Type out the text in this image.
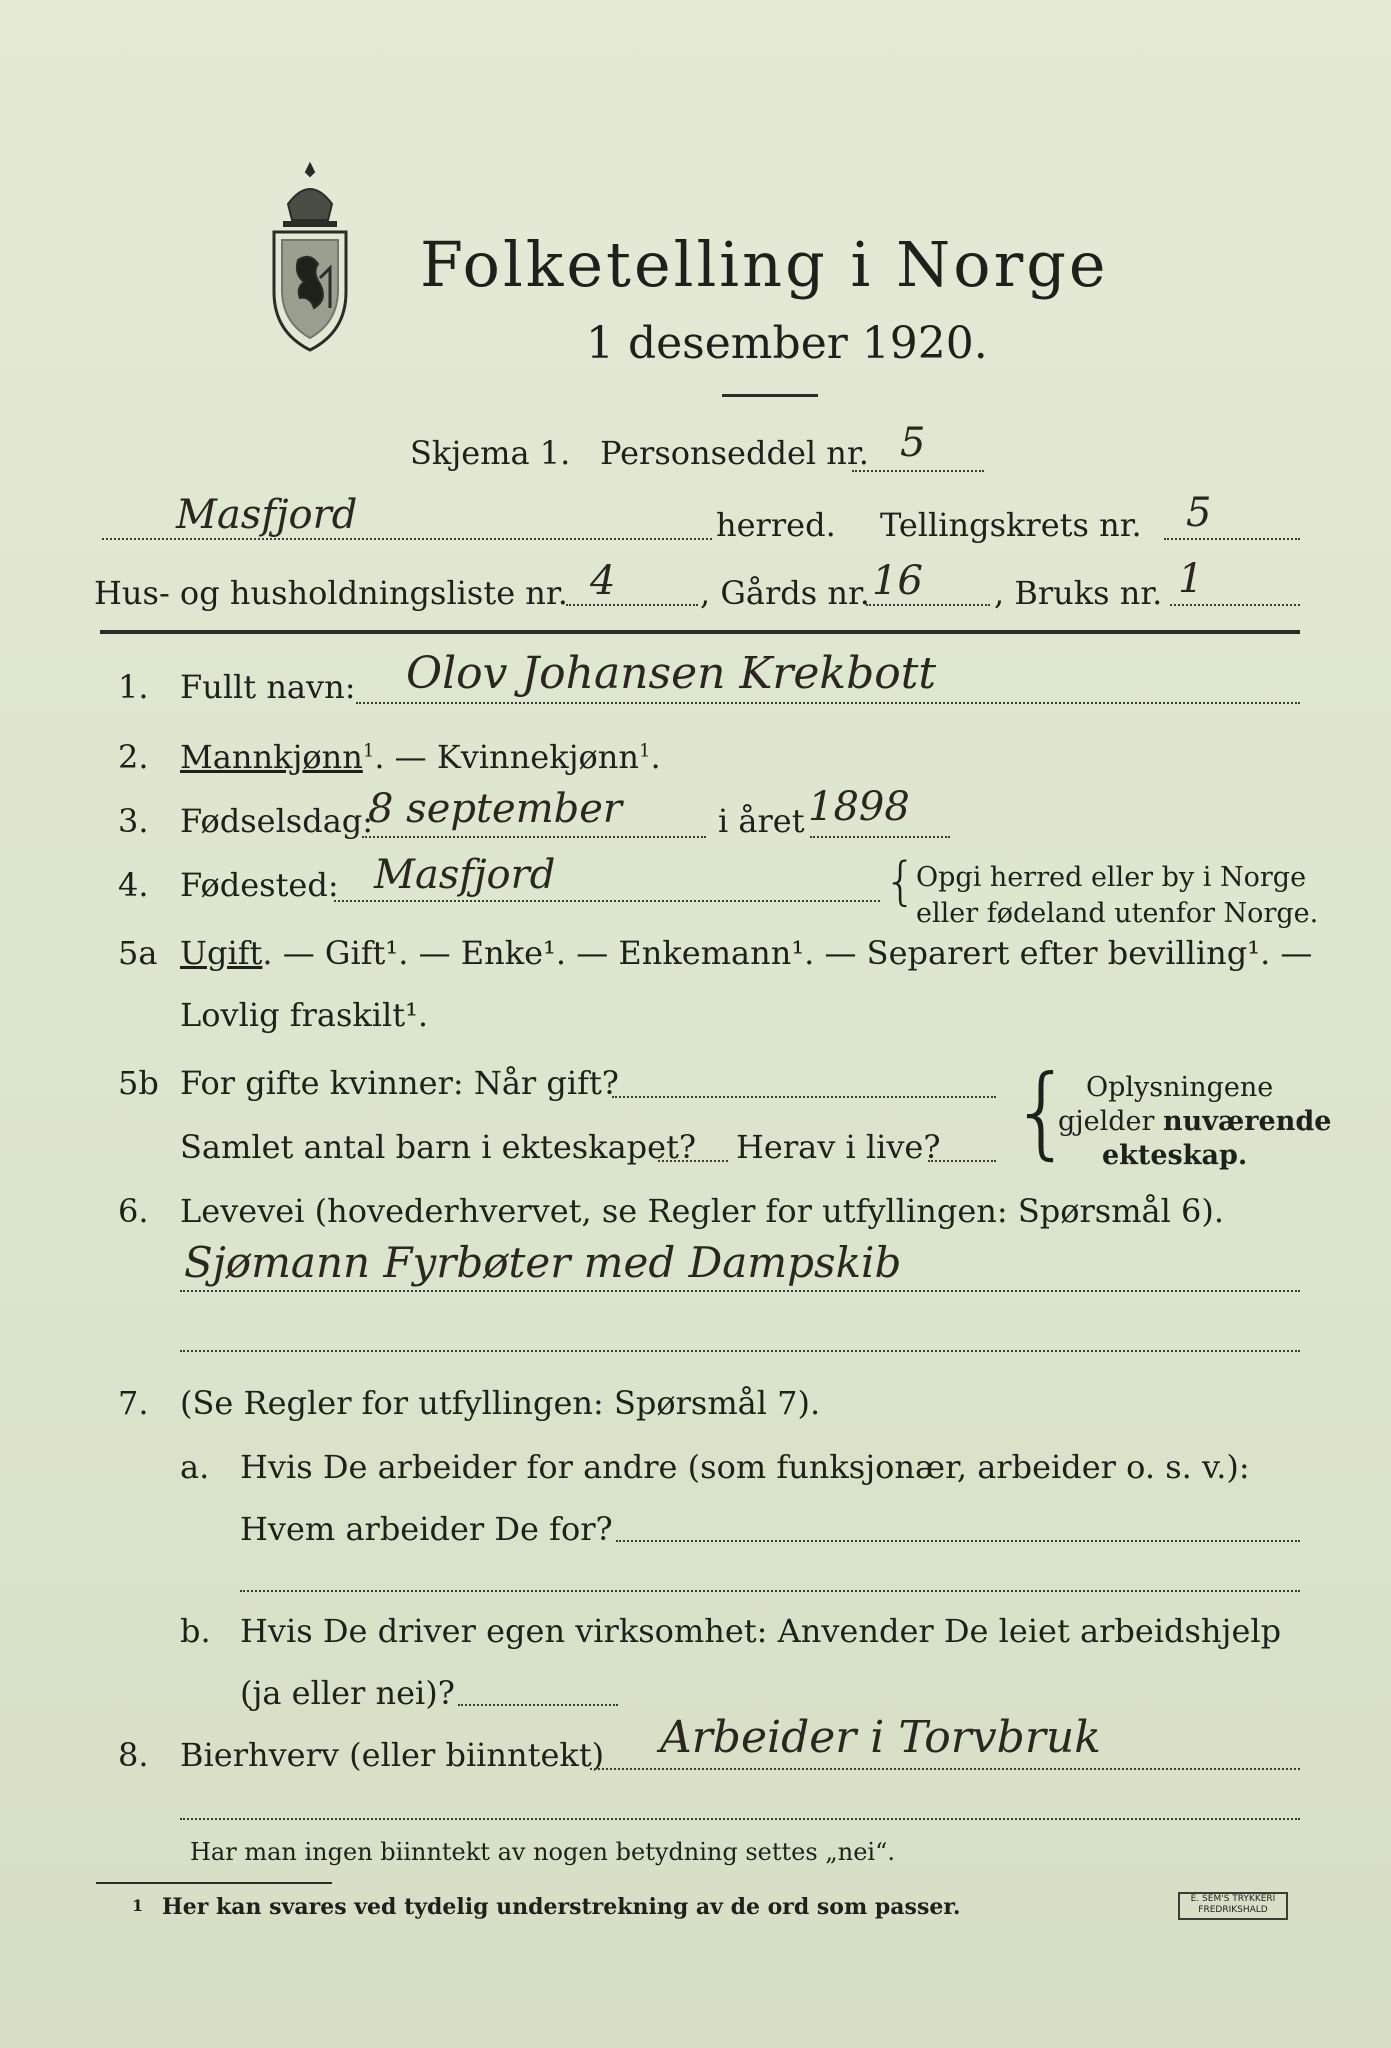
Folketelling i Norge
1 desember 1920.
Skjema 1. Personseddel nr. 5
Masfjord	herred. Tellingskrets nr. 5
Hus- og husholdningsliste nr. 4	, Gårds nr. 16 , Bruks nr. 1
1. Fullt navn: Olov Johansen Krekbott
2. Mannkjønn$^1$. — Kvinnekjønn$^1$.
3. Fødselsdag:
8 september	i året 1898
4. Fødested: Masfjord	{
Opgi herred eller by i Norge
eller fødeland utenfor Norge.
5a Ugift. — Gift¹. — Enke¹. — Enkemann¹. — Separert efter bevilling¹. —
Lovlig fraskilt¹.
5b For gifte kvinner: Når gift?
Samlet antal barn i ekteskapet? Herav i live? { Oplysningene
gjelder nuværende
ekteskap.
6. Levevei (hovederhvervet, se Regler for utfyllingen: Spørsmål 6).
Sjømann Fyrbøter med Dampskib
7. (Se Regler for utfyllingen: Spørsmål 7).
a. Hvis De arbeider for andre (som funksjonær, arbeider o. s. v.):
Hvem arbeider De for?
b. Hvis De driver egen virksomhet: Anvender De leiet arbeidshjelp
(ja eller nei)?
8. Bierhverv (eller biinntekt) Arbeider i Torvbruk
Har man ingen biinntekt av nogen betydning settes „nei“.
1 Her kan svares ved tydelig understrekning av de ord som passer.	E. SEM'S TRYKKERI FREDRIKSHALD
